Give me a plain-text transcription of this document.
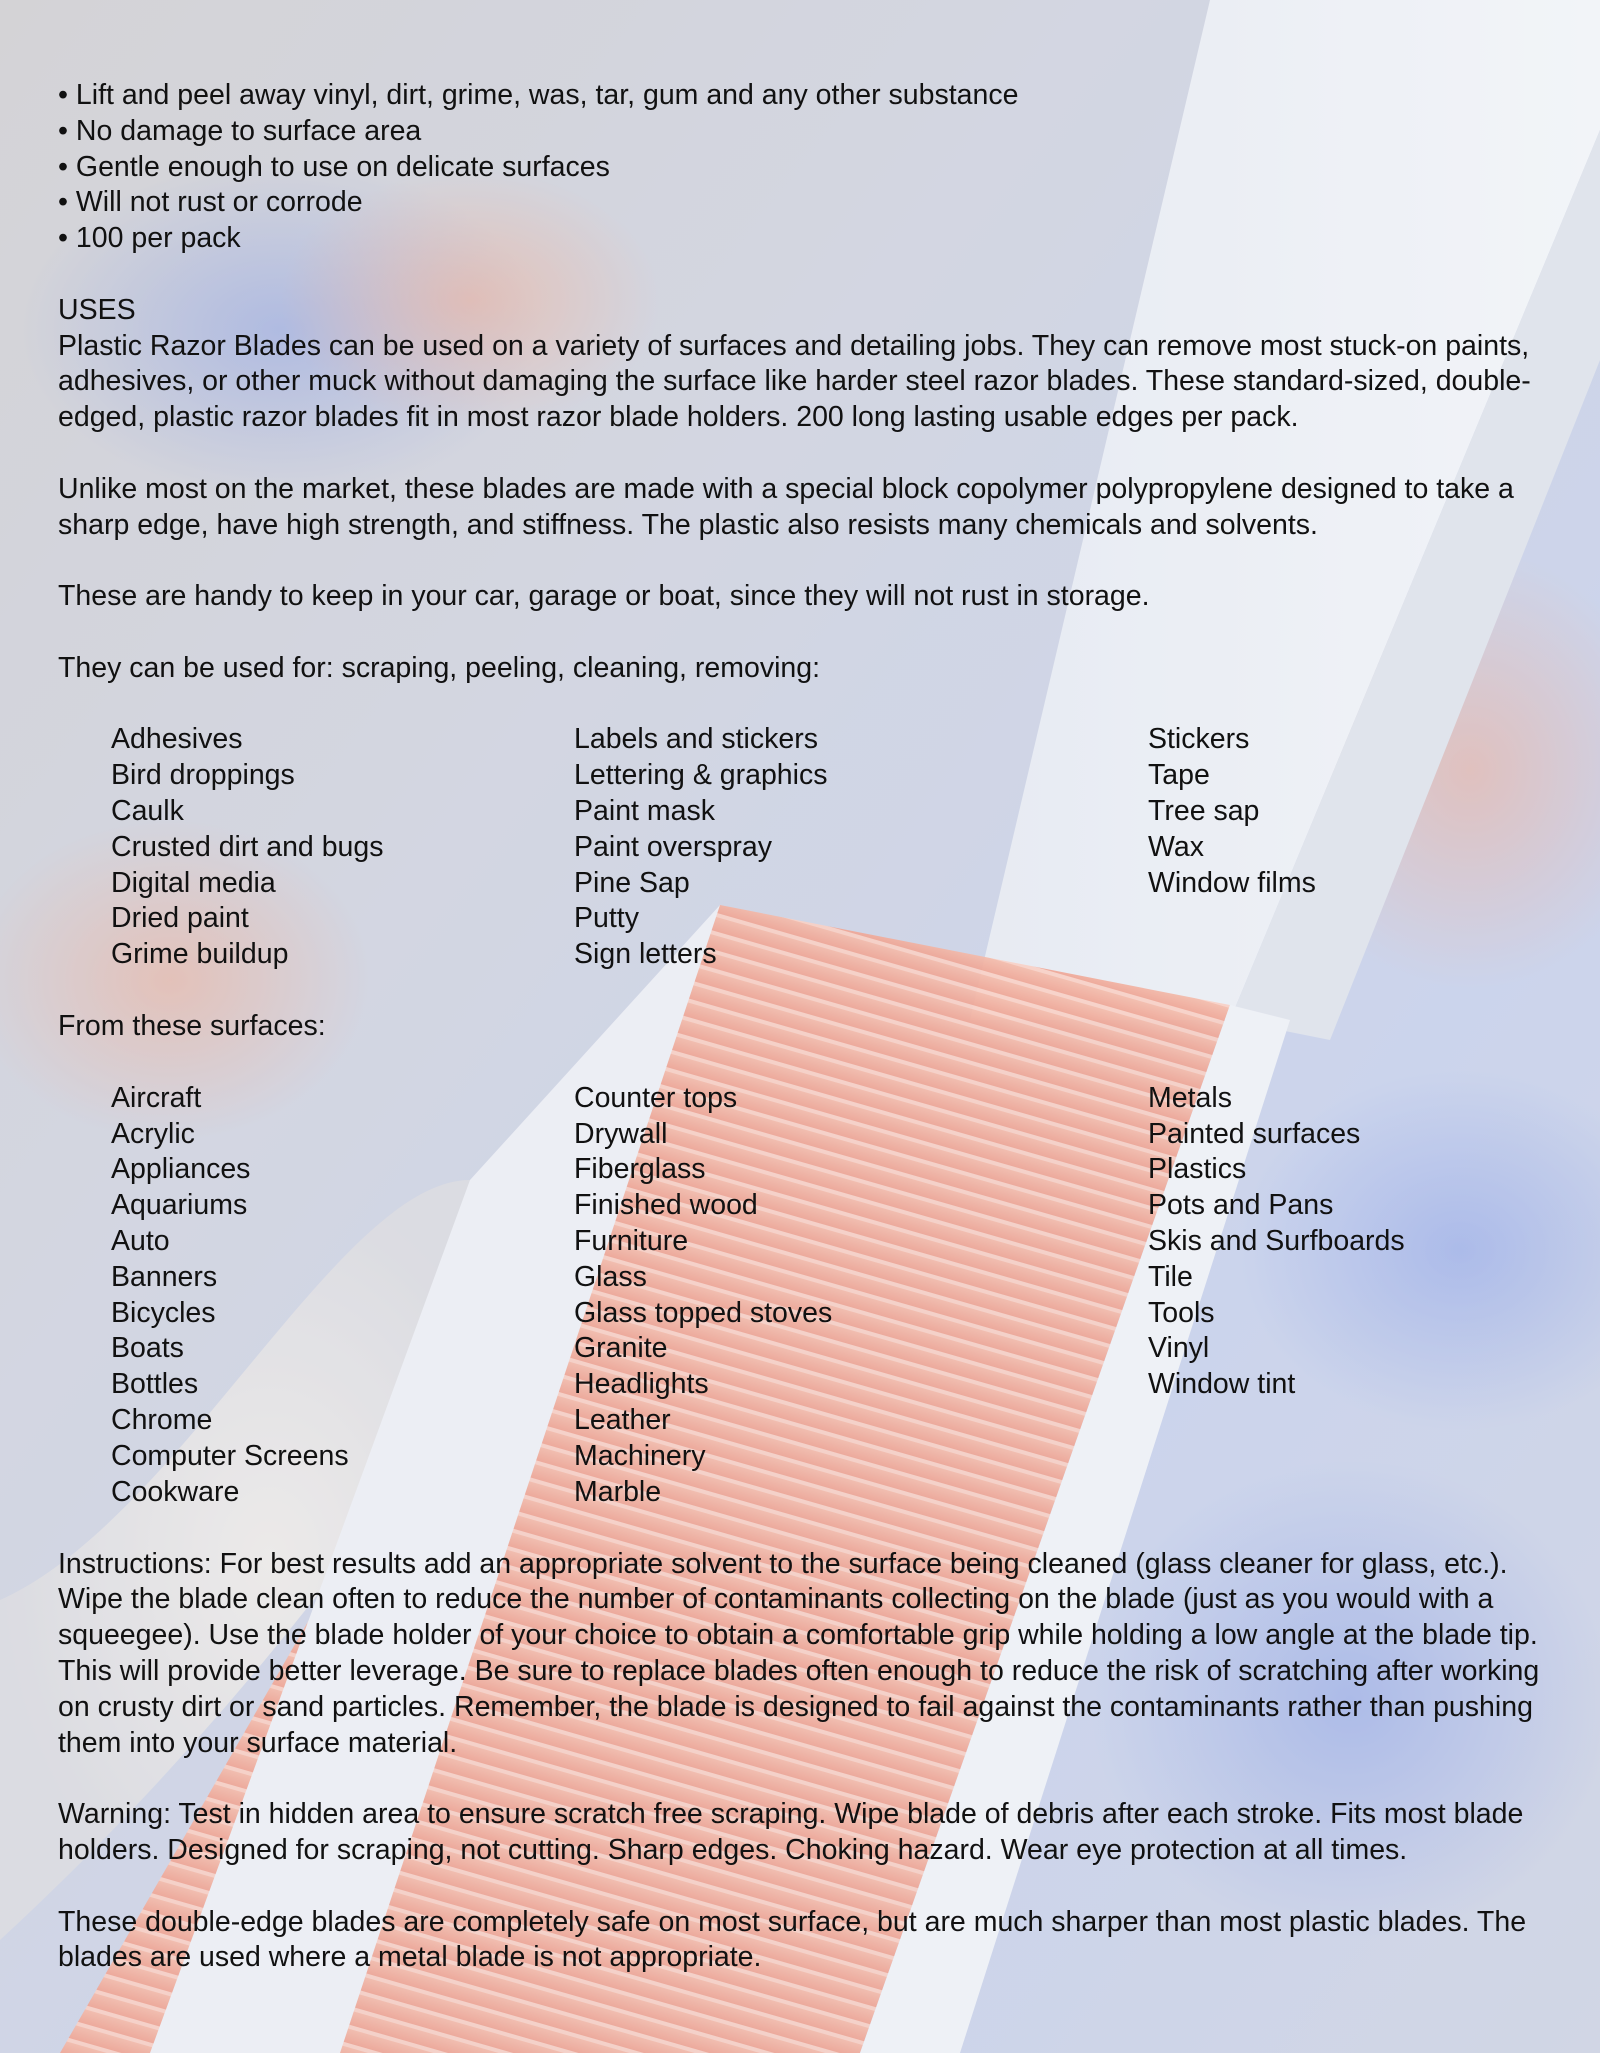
• Lift and peel away vinyl, dirt, grime, was, tar, gum and any other substance
• No damage to surface area
• Gentle enough to use on delicate surfaces
• Will not rust or corrode
• 100 per pack

USES

Plastic Razor Blades can be used on a variety of surfaces and detailing jobs. They can remove most stuck-on paints, adhesives, or other muck without damaging the surface like harder steel razor blades. These standard-sized, double-edged, plastic razor blades fit in most razor blade holders. 200 long lasting usable edges per pack.

Unlike most on the market, these blades are made with a special block copolymer polypropylene designed to take a sharp edge, have high strength, and stiffness. The plastic also resists many chemicals and solvents.

These are handy to keep in your car, garage or boat, since they will not rust in storage.

They can be used for: scraping, peeling, cleaning, removing:

Adhesives
Bird droppings
Caulk
Crusted dirt and bugs
Digital media
Dried paint
Grime buildup
Labels and stickers
Lettering & graphics
Paint mask
Paint overspray
Pine Sap
Putty
Sign letters
Stickers
Tape
Tree sap
Wax
Window films

From these surfaces:

Aircraft
Acrylic
Appliances
Aquariums
Auto
Banners
Bicycles
Boats
Bottles
Chrome
Computer Screens
Cookware
Counter tops
Drywall
Fiberglass
Finished wood
Furniture
Glass
Glass topped stoves
Granite
Headlights
Leather
Machinery
Marble
Metals
Painted surfaces
Plastics
Pots and Pans
Skis and Surfboards
Tile
Tools
Vinyl
Window tint

Instructions: For best results add an appropriate solvent to the surface being cleaned (glass cleaner for glass, etc.). Wipe the blade clean often to reduce the number of contaminants collecting on the blade (just as you would with a squeegee). Use the blade holder of your choice to obtain a comfortable grip while holding a low angle at the blade tip. This will provide better leverage. Be sure to replace blades often enough to reduce the risk of scratching after working on crusty dirt or sand particles. Remember, the blade is designed to fail against the contaminants rather than pushing them into your surface material.

Warning: Test in hidden area to ensure scratch free scraping. Wipe blade of debris after each stroke. Fits most blade holders. Designed for scraping, not cutting. Sharp edges. Choking hazard. Wear eye protection at all times.

These double-edge blades are completely safe on most surface, but are much sharper than most plastic blades. The blades are used where a metal blade is not appropriate.
